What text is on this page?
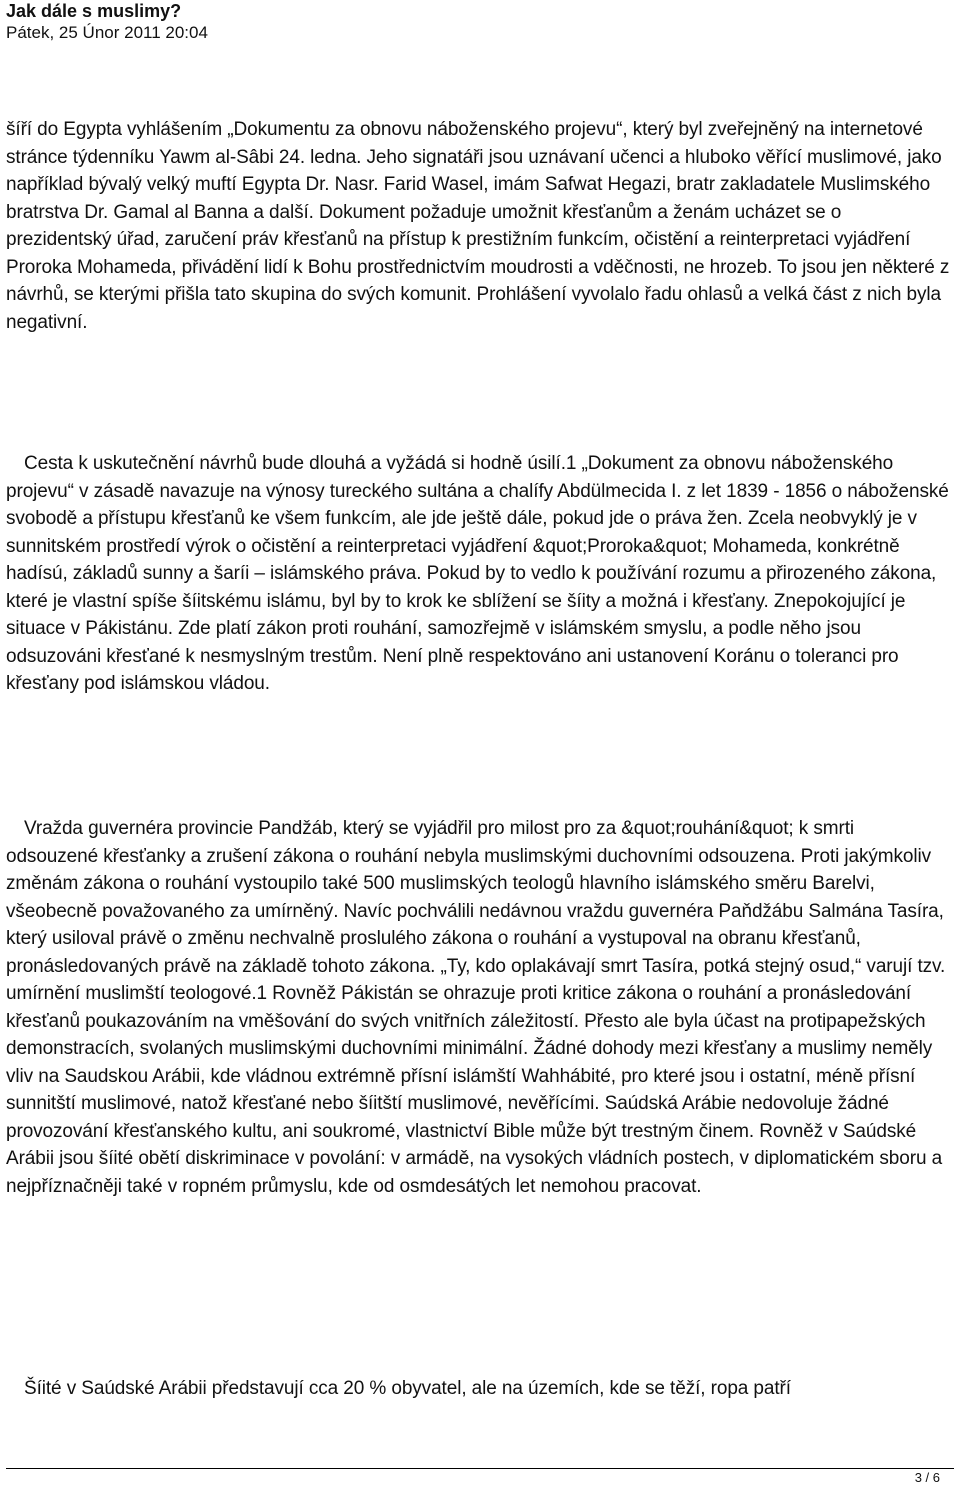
Jak dále s muslimy?
Pátek, 25 Únor 2011 20:04

šíří do Egypta vyhlášením „Dokumentu za obnovu náboženského projevu“, který byl zveřejněný na internetové stránce týdenníku Yawm al-Sâbi 24. ledna. Jeho signatáři jsou uznávaní učenci a hluboko věřící muslimové, jako například bývalý velký muftí Egypta Dr. Nasr. Farid Wasel, imám Safwat Hegazi, bratr zakladatele Muslimského bratrstva Dr. Gamal al Banna a další. Dokument požaduje umožnit křesťanům a ženám ucházet se o prezidentský úřad, zaručení práv křesťanů na přístup k prestižním funkcím, očistění a reinterpretaci vyjádření Proroka Mohameda, přivádění lidí k Bohu prostřednictvím moudrosti a vděčnosti, ne hrozeb. To jsou jen některé z návrhů, se kterými přišla tato skupina do svých komunit. Prohlášení vyvolalo řadu ohlasů a velká část z nich byla negativní.

Cesta k uskutečnění návrhů bude dlouhá a vyžádá si hodně úsilí.1 „Dokument za obnovu náboženského projevu“ v zásadě navazuje na výnosy tureckého sultána a chalífy Abdülmecida I. z let 1839 - 1856 o náboženské svobodě a přístupu křesťanů ke všem funkcím, ale jde ještě dále, pokud jde o práva žen. Zcela neobvyklý je v sunnitském prostředí výrok o očistění a reinterpretaci vyjádření &quot;Proroka&quot; Mohameda, konkrétně hadísú, základů sunny a šaríi – islámského práva. Pokud by to vedlo k používání rozumu a přirozeného zákona, které je vlastní spíše šíitskému islámu, byl by to krok ke sblížení se šíity a možná i křesťany. Znepokojující je situace v Pákistánu. Zde platí zákon proti rouhání, samozřejmě v islámském smyslu, a podle něho jsou odsuzováni křesťané k nesmyslným trestům. Není plně respektováno ani ustanovení Koránu o toleranci pro křesťany pod islámskou vládou.

Vražda guvernéra provincie Pandžáb, který se vyjádřil pro milost pro za &quot;rouhání&quot; k smrti odsouzené křesťanky a zrušení zákona o rouhání nebyla muslimskými duchovními odsouzena. Proti jakýmkoliv změnám zákona o rouhání vystoupilo také 500 muslimských teologů hlavního islámského směru Barelvi, všeobecně považovaného za umírněný. Navíc pochválili nedávnou vraždu guvernéra Paňdžábu Salmána Tasíra, který usiloval právě o změnu nechvalně proslulého zákona o rouhání a vystupoval na obranu křesťanů, pronásledovaných právě na základě tohoto zákona. „Ty, kdo oplakávají smrt Tasíra, potká stejný osud,“ varují tzv. umírnění muslimští teologové.1 Rovněž Pákistán se ohrazuje proti kritice zákona o rouhání a pronásledování křesťanů poukazováním na vměšování do svých vnitřních záležitostí. Přesto ale byla účast na protipapežských demonstracích, svolaných muslimskými duchovními minimální. Žádné dohody mezi křesťany a muslimy neměly vliv na Saudskou Arábii, kde vládnou extrémně přísní islámští Wahhábité, pro které jsou i ostatní, méně přísní sunnitští muslimové, natož křesťané nebo šíitští muslimové, nevěřícími. Saúdská Arábie nedovoluje žádné provozování křesťanského kultu, ani soukromé, vlastnictví Bible může být trestným činem. Rovněž v Saúdské Arábii jsou šíité obětí diskriminace v povolání: v armádě, na vysokých vládních postech, v diplomatickém sboru a nejpříznačněji také v ropném průmyslu, kde od osmdesátých let nemohou pracovat.

Šíité v Saúdské Arábii představují cca 20 % obyvatel, ale na územích, kde se těží, ropa patří

3 / 6
